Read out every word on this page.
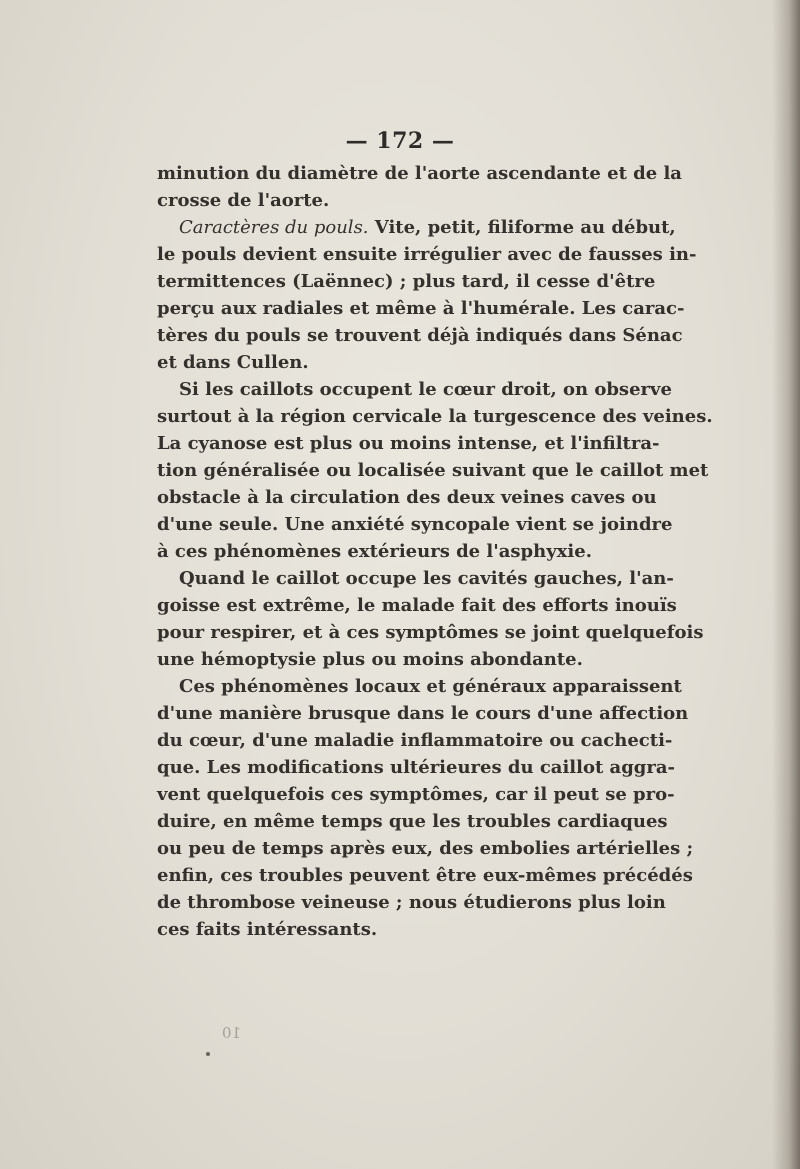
— 172 —
minution du diamètre de l'aorte ascendante et de la
crosse de l'aorte.
Caractères du pouls. Vite, petit, filiforme au début,
le pouls devient ensuite irrégulier avec de fausses in-
termittences (Laënnec) ; plus tard, il cesse d'être
perçu aux radiales et même à l'humérale. Les carac-
tères du pouls se trouvent déjà indiqués dans Sénac
et dans Cullen.
Si les caillots occupent le cœur droit, on observe
surtout à la région cervicale la turgescence des veines.
La cyanose est plus ou moins intense, et l'infiltra-
tion généralisée ou localisée suivant que le caillot met
obstacle à la circulation des deux veines caves ou
d'une seule. Une anxiété syncopale vient se joindre
à ces phénomènes extérieurs de l'asphyxie.
Quand le caillot occupe les cavités gauches, l'an-
goisse est extrême, le malade fait des efforts inouïs
pour respirer, et à ces symptômes se joint quelquefois
une hémoptysie plus ou moins abondante.
Ces phénomènes locaux et généraux apparaissent
d'une manière brusque dans le cours d'une affection
du cœur, d'une maladie inflammatoire ou cachecti-
que. Les modifications ultérieures du caillot aggra-
vent quelquefois ces symptômes, car il peut se pro-
duire, en même temps que les troubles cardiaques
ou peu de temps après eux, des embolies artérielles ;
enfin, ces troubles peuvent être eux-mêmes précédés
de thrombose veineuse ; nous étudierons plus loin
ces faits intéressants.
10
